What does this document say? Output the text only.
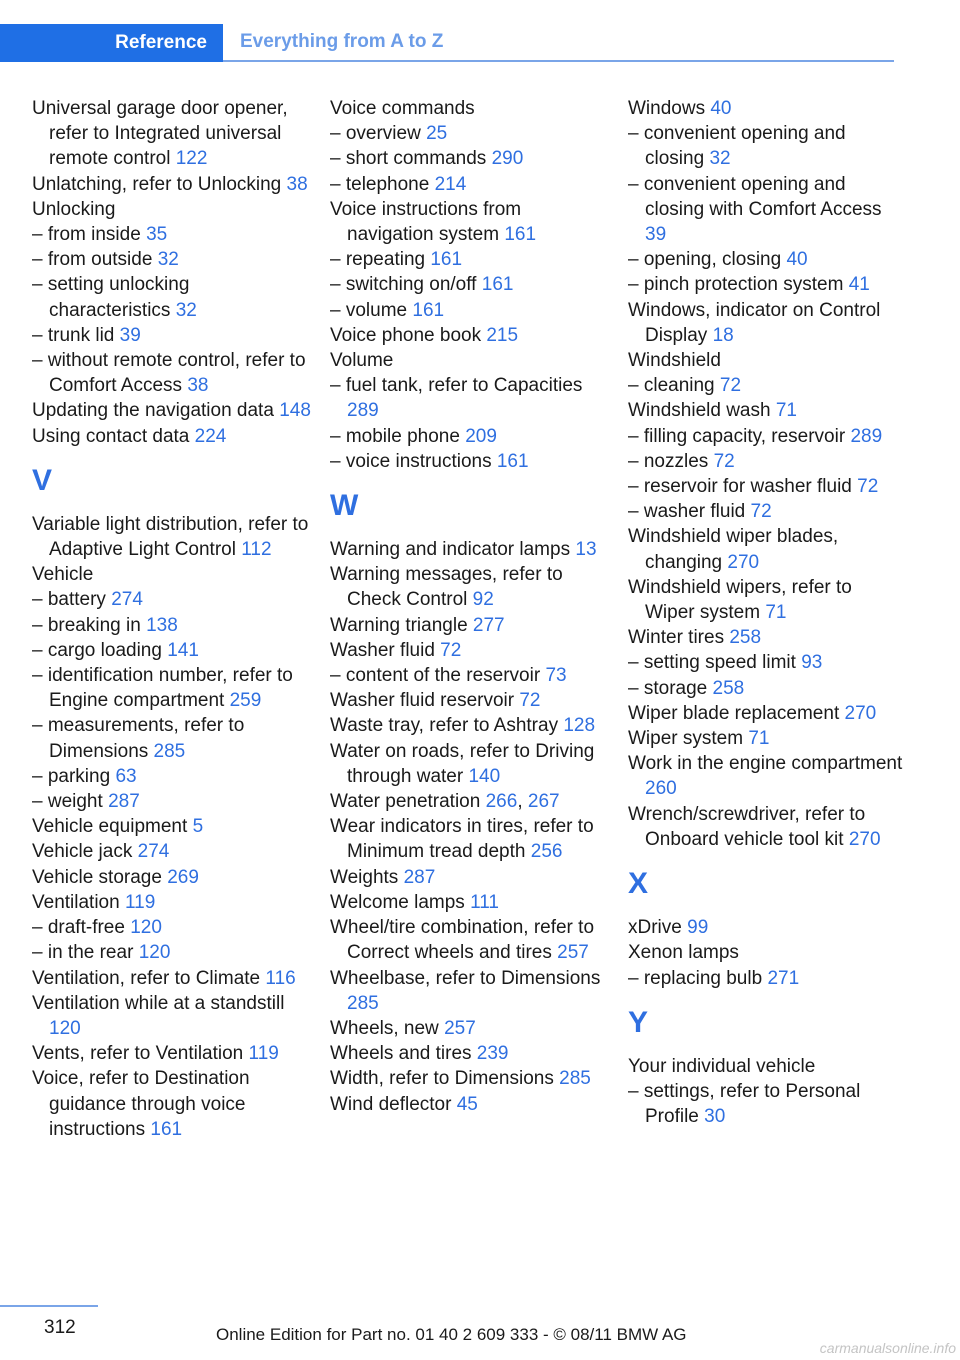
Reference	Everything from A to Z
Universal garage door opener, refer to Integrated universal remote control 122
Unlatching, refer to Unlocking 38
Unlocking
– from inside 35
– from outside 32
– setting unlocking characteristics 32
– trunk lid 39
– without remote control, refer to Comfort Access 38
Updating the navigation data 148
Using contact data 224
V
Variable light distribution, refer to Adaptive Light Control 112
Vehicle
– battery 274
– breaking in 138
– cargo loading 141
– identification number, refer to Engine compartment 259
– measurements, refer to Dimensions 285
– parking 63
– weight 287
Vehicle equipment 5
Vehicle jack 274
Vehicle storage 269
Ventilation 119
– draft-free 120
– in the rear 120
Ventilation, refer to Climate 116
Ventilation while at a standstill 120
Vents, refer to Ventilation 119
Voice, refer to Destination guidance through voice instructions 161
Voice commands
– overview 25
– short commands 290
– telephone 214
Voice instructions from navigation system 161
– repeating 161
– switching on/off 161
– volume 161
Voice phone book 215
Volume
– fuel tank, refer to Capacities 289
– mobile phone 209
– voice instructions 161
W
Warning and indicator lamps 13
Warning messages, refer to Check Control 92
Warning triangle 277
Washer fluid 72
– content of the reservoir 73
Washer fluid reservoir 72
Waste tray, refer to Ashtray 128
Water on roads, refer to Driving through water 140
Water penetration 266, 267
Wear indicators in tires, refer to Minimum tread depth 256
Weights 287
Welcome lamps 111
Wheel/tire combination, refer to Correct wheels and tires 257
Wheelbase, refer to Dimensions 285
Wheels, new 257
Wheels and tires 239
Width, refer to Dimensions 285
Wind deflector 45
Windows 40
– convenient opening and closing 32
– convenient opening and closing with Comfort Access 39
– opening, closing 40
– pinch protection system 41
Windows, indicator on Control Display 18
Windshield
– cleaning 72
Windshield wash 71
– filling capacity, reservoir 289
– nozzles 72
– reservoir for washer fluid 72
– washer fluid 72
Windshield wiper blades, changing 270
Windshield wipers, refer to Wiper system 71
Winter tires 258
– setting speed limit 93
– storage 258
Wiper blade replacement 270
Wiper system 71
Work in the engine compartment 260
Wrench/screwdriver, refer to Onboard vehicle tool kit 270
X
xDrive 99
Xenon lamps
– replacing bulb 271
Y
Your individual vehicle
– settings, refer to Personal Profile 30
312	Online Edition for Part no. 01 40 2 609 333 - © 08/11 BMW AG
carmanualsonline.info
